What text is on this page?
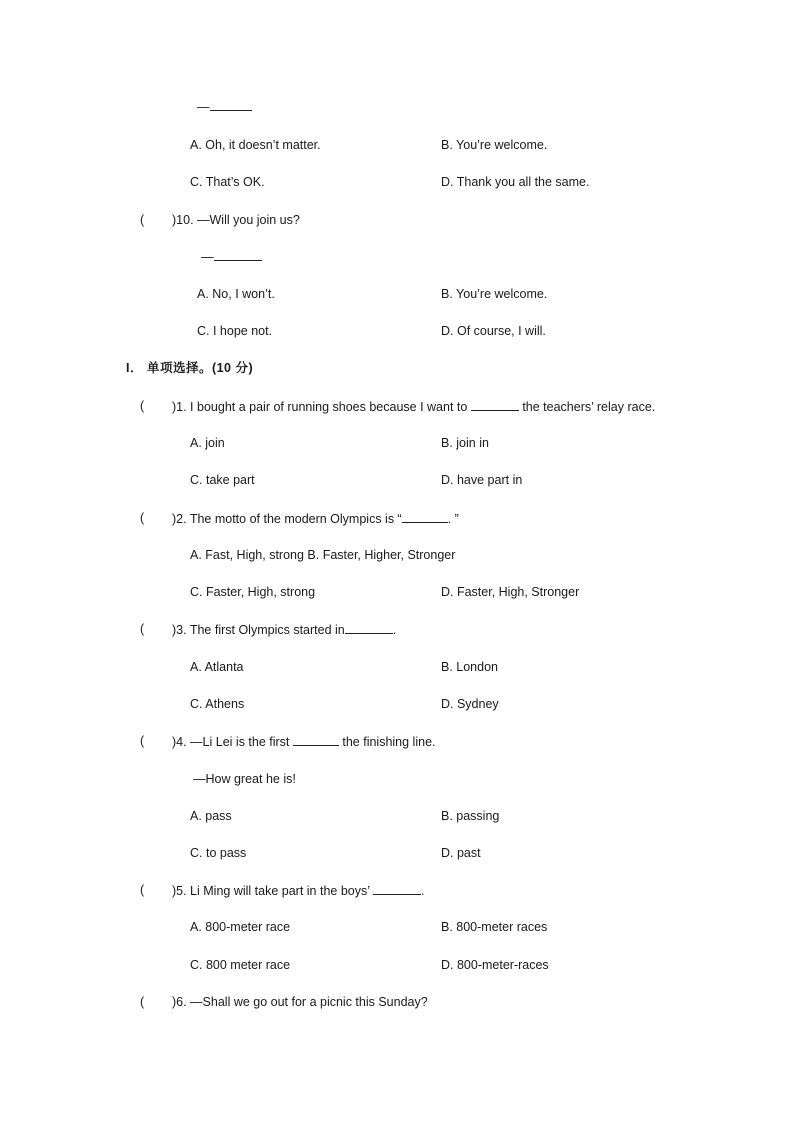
—
A. Oh, it doesn’t matter.	B. You’re welcome.
C. That’s OK.	D. Thank you all the same.
( )10. —Will you join us?
—
A. No, I won’t.	B. You’re welcome.
C. I hope not.	D. Of course, I will.
I． 单项选择。(10 分)
( )1. I bought a pair of running shoes because I want to	the teachers’ relay race.
A. join	B. join in
C. take part	D. have part in
( )2. The motto of the modern Olympics is “	. ”
A. Fast, High, strong B. Faster, Higher, Stronger
C. Faster, High, strong	D. Faster, High, Stronger
( )3. The first Olympics started in	.
A. Atlanta	B. London
C. Athens	D. Sydney
( )4. —Li Lei is the first	the finishing line.
—How great he is!
A. pass	B. passing
C. to pass	D. past
( )5. Li Ming will take part in the boys’	.
A. 800-meter race	B. 800-meter races
C. 800 meter race	D. 800-meter-races
( )6. —Shall we go out for a picnic this Sunday?
